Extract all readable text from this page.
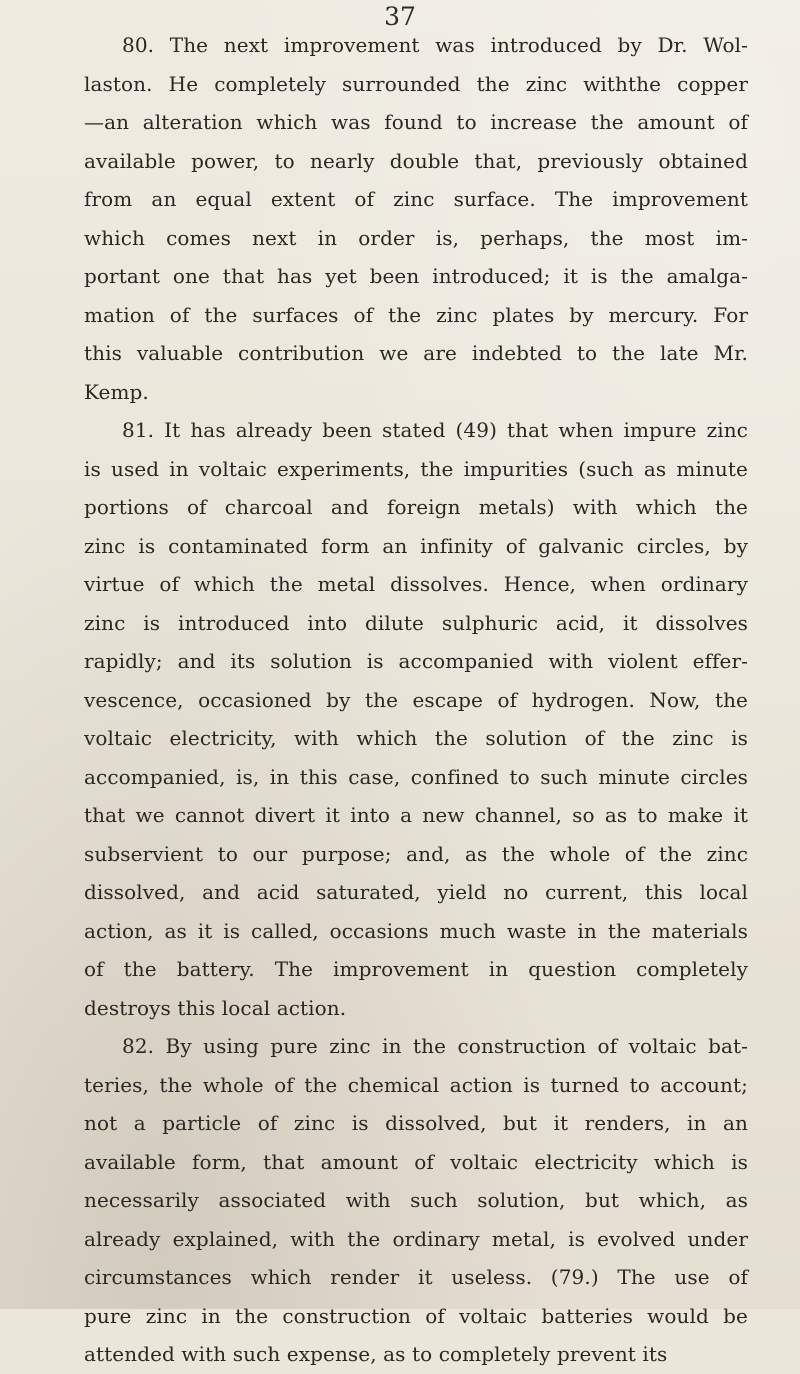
37
80. The next improvement was introduced by Dr. Wol-
laston. He completely surrounded the zinc withthe copper
—an alteration which was found to increase the amount of
available power, to nearly double that, previously obtained
from an equal extent of zinc surface. The improvement
which comes next in order is, perhaps, the most im-
portant one that has yet been introduced; it is the amalga-
mation of the surfaces of the zinc plates by mercury. For
this valuable contribution we are indebted to the late Mr.
Kemp.
81. It has already been stated (49) that when impure zinc
is used in voltaic experiments, the impurities (such as minute
portions of charcoal and foreign metals) with which the
zinc is contaminated form an infinity of galvanic circles, by
virtue of which the metal dissolves. Hence, when ordinary
zinc is introduced into dilute sulphuric acid, it dissolves
rapidly; and its solution is accompanied with violent effer-
vescence, occasioned by the escape of hydrogen. Now, the
voltaic electricity, with which the solution of the zinc is
accompanied, is, in this case, confined to such minute circles
that we cannot divert it into a new channel, so as to make it
subservient to our purpose; and, as the whole of the zinc
dissolved, and acid saturated, yield no current, this local
action, as it is called, occasions much waste in the materials
of the battery. The improvement in question completely
destroys this local action.
82. By using pure zinc in the construction of voltaic bat-
teries, the whole of the chemical action is turned to account;
not a particle of zinc is dissolved, but it renders, in an
available form, that amount of voltaic electricity which is
necessarily associated with such solution, but which, as
already explained, with the ordinary metal, is evolved under
circumstances which render it useless. (79.) The use of
pure zinc in the construction of voltaic batteries would be
attended with such expense, as to completely prevent its
